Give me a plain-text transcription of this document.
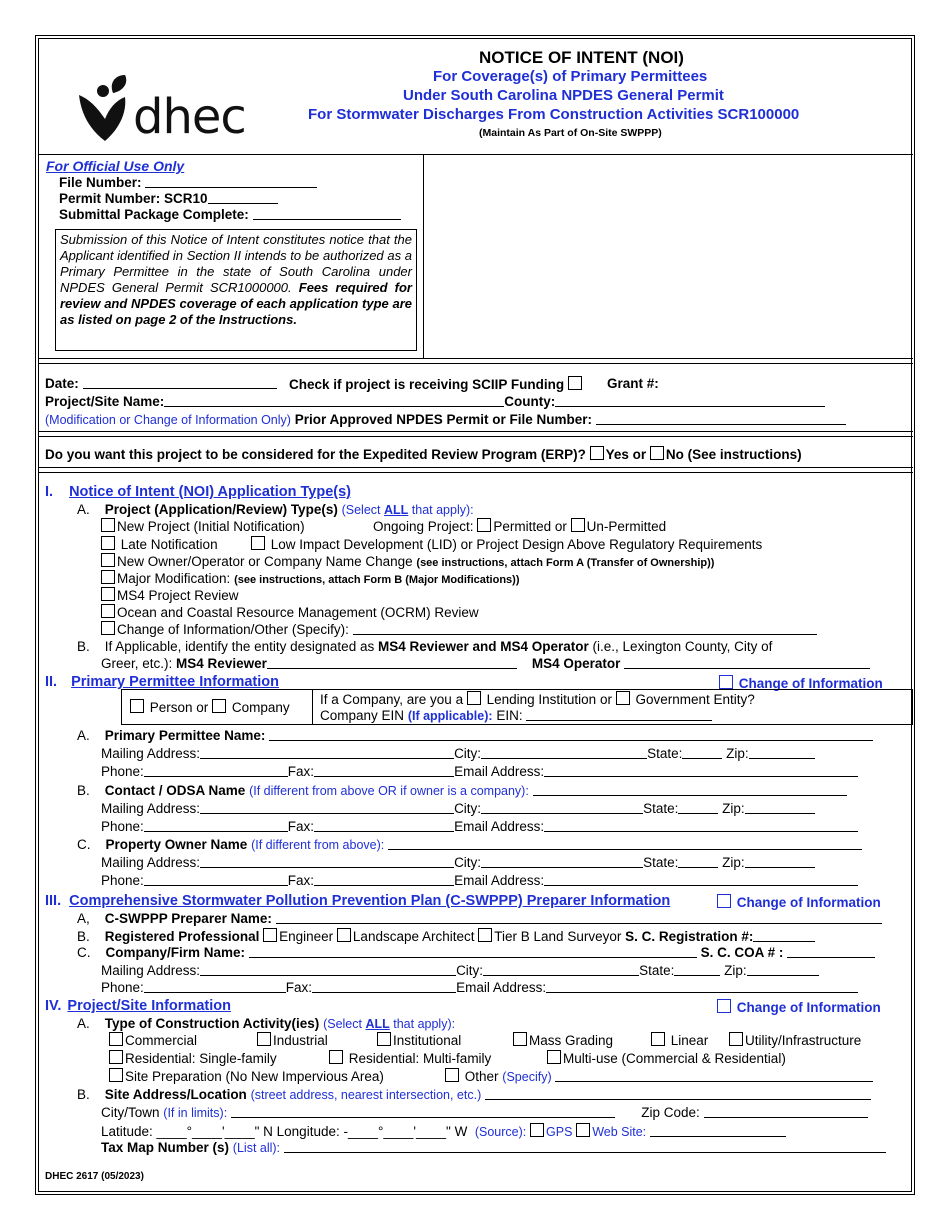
dhec
NOTICE OF INTENT (NOI)
For Coverage(s) of Primary Permittees
Under South Carolina NPDES General Permit
For Stormwater Discharges From Construction Activities SCR100000
(Maintain As Part of On-Site SWPPP)
For Official Use Only
File Number:
Permit Number: SCR10
Submittal Package Complete:
Submission of this Notice of Intent constitutes notice that the Applicant identified in Section II intends to be authorized as a Primary Permittee in the state of South Carolina under NPDES General Permit SCR1000000. Fees required for review and NPDES coverage of each application type are as listed on page 2 of the Instructions.
Date:	Check if project is receiving SCIIP Funding	Grant #:
Project/Site Name:	County:
(Modification or Change of Information Only) Prior Approved NPDES Permit or File Number:
Do you want this project to be considered for the Expedited Review Program (ERP)? Yes or No (See instructions)
I. Notice of Intent (NOI) Application Type(s)
A. Project (Application/Review) Type(s) (Select ALL that apply):
New Project (Initial Notification)	Ongoing Project: Permitted or Un-Permitted
Late Notification	Low Impact Development (LID) or Project Design Above Regulatory Requirements
New Owner/Operator or Company Name Change (see instructions, attach Form A (Transfer of Ownership))
Major Modification: (see instructions, attach Form B (Major Modifications))
MS4 Project Review
Ocean and Coastal Resource Management (OCRM) Review
Change of Information/Other (Specify):
B. If Applicable, identify the entity designated as MS4 Reviewer and MS4 Operator (i.e., Lexington County, City of
Greer, etc.): MS4 Reviewer	MS4 Operator
II. Primary Permittee Information	Change of Information
Person or Company
If a Company, are you a Lending Institution or Government Entity?
Company EIN (If applicable): EIN:
A. Primary Permittee Name:
Mailing Address:	City:	State:	Zip:
Phone:	Fax:	Email Address:
B. Contact / ODSA Name (If different from above OR if owner is a company):
Mailing Address:	City:	State:	Zip:
Phone:	Fax:	Email Address:
C. Property Owner Name (If different from above):
Mailing Address:	City:	State:	Zip:
Phone:	Fax:	Email Address:
III. Comprehensive Stormwater Pollution Prevention Plan (C-SWPPP) Preparer Information	Change of Information
A, C-SWPPP Preparer Name:
B. Registered Professional Engineer Landscape Architect Tier B Land Surveyor S. C. Registration #:
C. Company/Firm Name:	S. C. COA # :
Mailing Address:	City:	State:	Zip:
Phone:	Fax:	Email Address:
IV. Project/Site Information	Change of Information
A. Type of Construction Activity(ies) (Select ALL that apply):
Commercial	Industrial	Institutional	Mass Grading	Linear	Utility/Infrastructure
Residential: Single-family	Residential: Multi-family	Multi-use (Commercial & Residential)
Site Preparation (No New Impervious Area)	Other (Specify)
B. Site Address/Location (street address, nearest intersection, etc.)
City/Town (If in limits):	Zip Code:
Latitude: ____°____'____" N Longitude: -____°____'____" W (Source): GPS Web Site:
Tax Map Number (s) (List all):
DHEC 2617 (05/2023)
